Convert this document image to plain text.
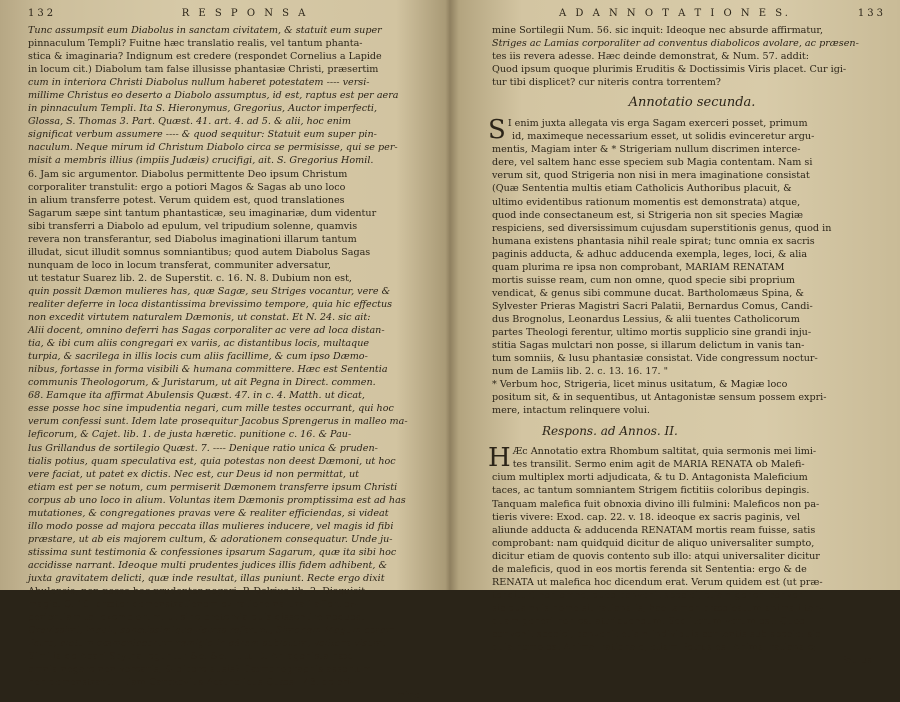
132	R E S P O N S A
Tunc assumpsit eum Diabolus in sanctam civitatem, & statuit eum super
pinnaculum Templi? Fuitne hæc translatio realis, vel tantum phanta-
stica & imaginaria? Indignum est credere (respondet Cornelius a Lapide
in locum cit.) Diabolum tam false illusisse phantasiæ Christi, præsertim
cum in interiora Christi Diabolus nullum haberet potestatem ---- versi-
millime Christus eo deserto a Diabolo assumptus, id est, raptus est per aera
in pinnaculum Templi. Ita S. Hieronymus, Gregorius, Auctor imperfecti,
Glossa, S. Thomas 3. Part. Quæst. 41. art. 4. ad 5. & alii, hoc enim
significat verbum assumere ---- & quod sequitur: Statuit eum super pin-
naculum. Neque mirum id Christum Diabolo circa se permisisse, qui se per-
misit a membris illius (impiis Judæis) crucifigi, ait. S. Gregorius Homil.
6. Jam sic argumentor. Diabolus permittente Deo ipsum Christum
corporaliter transtulit: ergo a potiori Magos & Sagas ab uno loco
in alium transferre potest. Verum quidem est, quod translationes
Sagarum sæpe sint tantum phantasticæ, seu imaginariæ, dum videntur
sibi transferri a Diabolo ad epulum, vel tripudium solenne, quamvis
revera non transferantur, sed Diabolus imaginationi illarum tantum
illudat, sicut illudit somnus somniantibus; quod autem Diabolus Sagas
nunquam de loco in locum transferat, communiter adversatur,
ut testatur Suarez lib. 2. de Superstit. c. 16. N. 8. Dubium non est,
quin possit Dæmon mulieres has, quæ Sagæ, seu Striges vocantur, vere &
realiter deferre in loca distantissima brevissimo tempore, quia hic effectus
non excedit virtutem naturalem Dæmonis, ut constat. Et N. 24. sic ait:
Alii docent, omnino deferri has Sagas corporaliter ac vere ad loca distan-
tia, & ibi cum aliis congregari ex variis, ac distantibus locis, multaque
turpia, & sacrilega in illis locis cum aliis facillime, & cum ipso Dæmo-
nibus, fortasse in forma visibili & humana committere. Hæc est Sententia
communis Theologorum, & Juristarum, ut ait Pegna in Direct. commen.
68. Eamque ita affirmat Abulensis Quæst. 47. in c. 4. Matth. ut dicat,
esse posse hoc sine impudentia negari, cum mille testes occurrant, qui hoc
verum confessi sunt. Idem late prosequitur Jacobus Sprengerus in malleo ma-
leficorum, & Cajet. lib. 1. de justa hæretic. punitione c. 16. & Pau-
lus Grillandus de sortilegio Quæst. 7. ---- Denique ratio unica & pruden-
tialis potius, quam speculativa est, quia potestas non deest Dæmoni, ut hoc
vere faciat, ut patet ex dictis. Nec est, cur Deus id non permittat, ut
etiam est per se notum, cum permiserit Dæmonem transferre ipsum Christi
corpus ab uno loco in alium. Voluntas item Dæmonis promptissima est ad has
mutationes, & congregationes pravas vere & realiter efficiendas, si videat
illo modo posse ad majora peccata illas mulieres inducere, vel magis id fibi
præstare, ut ab eis majorem cultum, & adorationem consequatur. Unde ju-
stissima sunt testimonia & confessiones ipsarum Sagarum, quæ ita sibi hoc
accidisse narrant. Ideoque multi prudentes judices illis fidem adhibent, &
juxta gravitatem delicti, quæ inde resultat, illas puniunt. Recte ergo dixit
Abulensis, non posse hoc prudenter negari. P. Delrius lib. 2. Disquisit.
magic. Q. 16. præter demonstrationem ex ratione naturali affert ex-
perientiam tot exemplorum, ut sine protervia quis dissentire nequeat.
Gravissimi, inquit, sanctissimique Patres referunt, Simonem Magum coram
Petro, alatum dæmoniacorum remigio in aërem sublatum, volitare visum.
Similia de Abari Scytha leguntur &c. &c. Et tu D. Antagonista hæc
omnia negare non verearis, & dicere ausis? Dæmonographis assertum
non demonstrant. Etiam Carpzovius Acatholicus Quæst. 48. de cri-
mine
A D A N N O T A T I O N E S.	133
mine Sortilegii Num. 56. sic inquit: Ideoque nec absurde affirmatur,
Striges ac Lamias corporaliter ad conventus diabolicos avolare, ac præsen-
tes iis revera adesse. Hæc deinde demonstrat, & Num. 57. addit:
Quod ipsum quoque plurimis Eruditis & Doctissimis Viris placet. Cur igi-
tur tibi displicet? cur niteris contra torrentem?
Annotatio secunda.
S I enim juxta allegata vis erga Sagam exerceri posset, primum
id, maximeque necessarium esset, ut solidis evinceretur argu-
mentis, Magiam inter & * Strigeriam nullum discrimen interce-
dere, vel saltem hanc esse speciem sub Magia contentam. Nam si
verum sit, quod Strigeria non nisi in mera imaginatione consistat
(Quæ Sententia multis etiam Catholicis Authoribus placuit, &
ultimo evidentibus rationum momentis est demonstrata) atque,
quod inde consectaneum est, si Strigeria non sit species Magiæ
respiciens, sed diversissimum cujusdam superstitionis genus, quod in
humana existens phantasia nihil reale spirat; tunc omnia ex sacris
paginis adducta, & adhuc adducenda exempla, leges, loci, & alia
quam plurima re ipsa non comprobant, MARIAM RENATAM
mortis suisse ream, cum non omne, quod specie sibi proprium
vendicat, & genus sibi commune ducat. Bartholomæus Spina, &
Sylvester Prieras Magistri Sacri Palatii, Bernardus Comus, Candi-
dus Brognolus, Leonardus Lessius, & alii tuentes Catholicorum
partes Theologi ferentur, ultimo mortis supplicio sine grandi inju-
stitia Sagas mulctari non posse, si illarum delictum in vanis tan-
tum somniis, & lusu phantasiæ consistat. Vide congressum noctur-
num de Lamiis lib. 2. c. 13. 16. 17. "
* Verbum hoc, Strigeria, licet minus usitatum, & Magiæ loco
positum sit, & in sequentibus, ut Antagonistæ sensum possem expri-
mere, intactum relinquere volui.
Respons. ad Annos. II.
H Æc Annotatio extra Rhombum saltitat, quia sermonis mei limi-
tes transilit. Sermo enim agit de MARIA RENATA ob Malefi-
cium multiplex morti adjudicata, & tu D. Antagonista Maleficium
taces, ac tantum somniantem Strigem fictitiis coloribus depingis.
Tanquam malefica fuit obnoxia divino illi fulmini: Maleficos non pa-
tieris vivere: Exod. cap. 22. v. 18. ideoque ex sacris paginis, vel
aliunde adducta & adducenda RENATAM mortis ream fuisse, satis
comprobant: nam quidquid dicitur de aliquo universaliter sumpto,
dicitur etiam de quovis contento sub illo: atqui universaliter dicitur
de maleficis, quod in eos mortis ferenda sit Sententia: ergo & de
RENATA ut malefica hoc dicendum erat. Verum quidem est (ut præ-
tenditur) non omne, quod convenit speciei, etiam generi convenit:
sic quamvis homo sit rationalis, hoc tamen prædicatum animali tan-
quam generi non est attribuendum. Sed iterum verum est: Quod
convenit speciei, convenit etiam individuis contentis sub specie: sic
quia homo est Animal rationale, etiam Petrus est Animal rationale;
Paulus
